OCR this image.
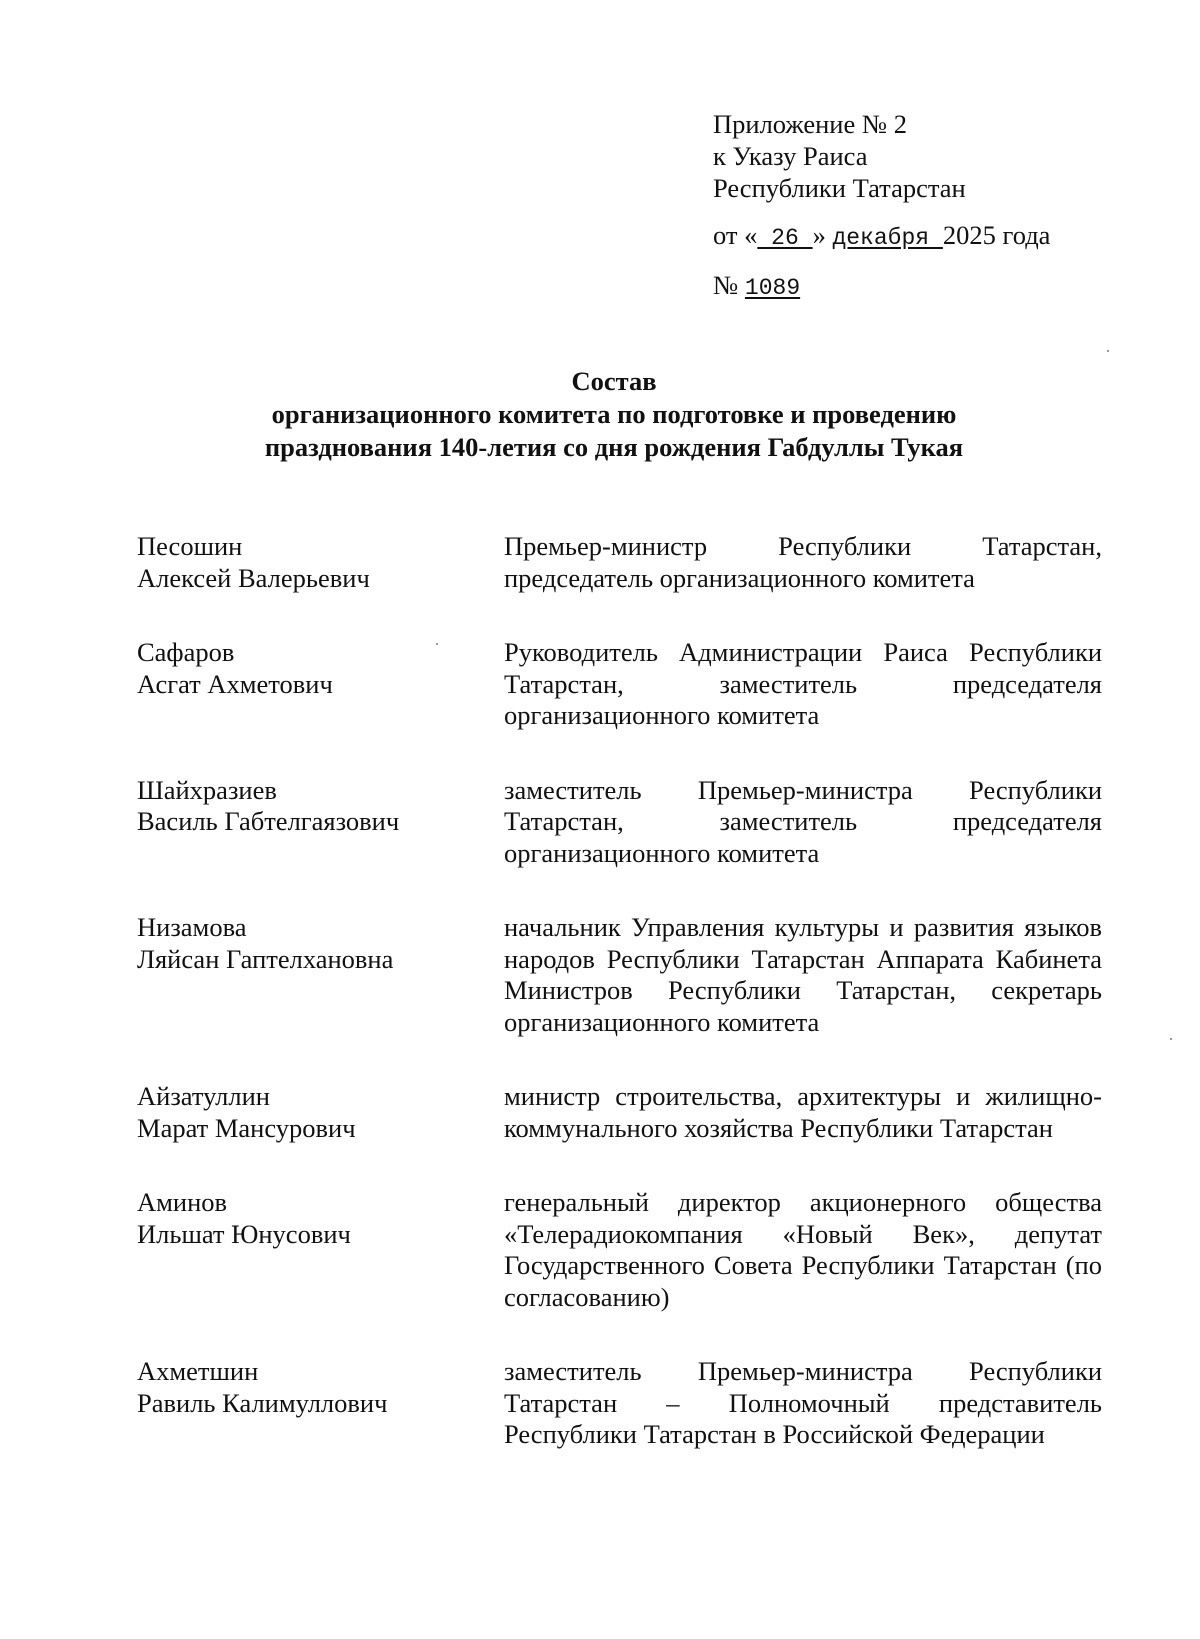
Приложение № 2
к Указу Раиса
Республики Татарстан
от « 26 » декабря 2025 года
№ 1089
Состав
организационного комитета по подготовке и проведению
празднования 140-летия со дня рождения Габдуллы Тукая
Песошин
Алексей Валерьевич
Премьер-министр Республики Татарстан, председатель организационного комитета
Сафаров
Асгат Ахметович
Руководитель Администрации Раиса Республики Татарстан, заместитель председателя организационного комитета
Шайхразиев
Василь Габтелгаязович
заместитель Премьер-министра Республики Татарстан, заместитель председателя организационного комитета
Низамова
Ляйсан Гаптелхановна
начальник Управления культуры и развития языков народов Республики Татарстан Аппарата Кабинета Министров Республики Татарстан, секретарь организационного комитета
Айзатуллин
Марат Мансурович
министр строительства, архитектуры и жилищно-коммунального хозяйства Республики Татарстан
Аминов
Ильшат Юнусович
генеральный директор акционерного общества «Телерадиокомпания «Новый Век», депутат Государственного Совета Республики Татарстан (по согласованию)
Ахметшин
Равиль Калимуллович
заместитель Премьер-министра Республики Татарстан – Полномочный представитель Республики Татарстан в Российской Федерации
